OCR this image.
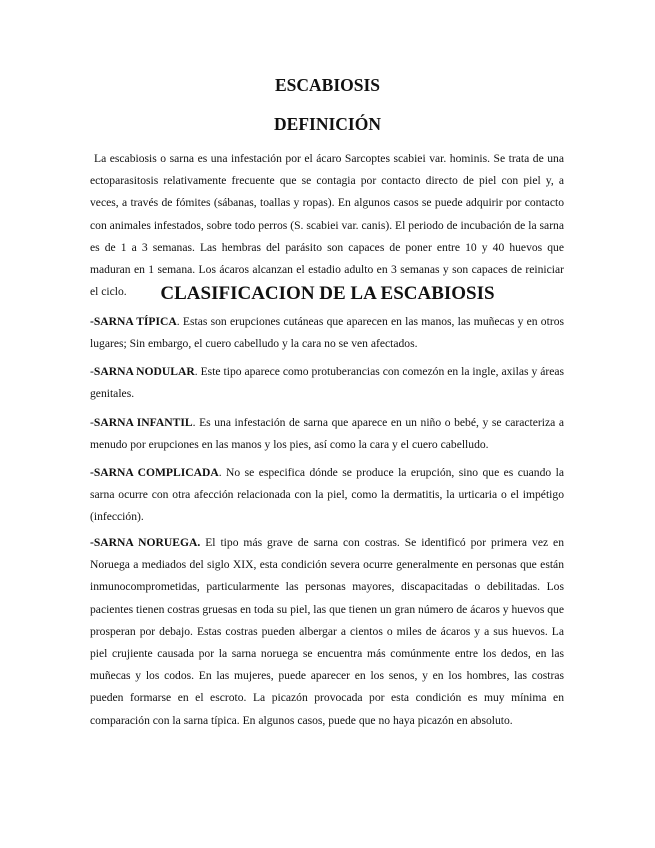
ESCABIOSIS
DEFINICIÓN

La escabiosis o sarna es una infestación por el ácaro Sarcoptes scabiei var. hominis. Se trata de una ectoparasitosis relativamente frecuente que se contagia por contacto directo de piel con piel y, a veces, a través de fómites (sábanas, toallas y ropas). En algunos casos se puede adquirir por contacto con animales infestados, sobre todo perros (S. scabiei var. canis). El periodo de incubación de la sarna es de 1 a 3 semanas. Las hembras del parásito son capaces de poner entre 10 y 40 huevos que maduran en 1 semana. Los ácaros alcanzan el estadio adulto en 3 semanas y son capaces de reiniciar el ciclo.	CLASIFICACION DE LA ESCABIOSIS

-SARNA TÍPICA. Estas son erupciones cutáneas que aparecen en las manos, las muñecas y en otros lugares; Sin embargo, el cuero cabelludo y la cara no se ven afectados.

-SARNA NODULAR. Este tipo aparece como protuberancias con comezón en la ingle, axilas y áreas genitales.

-SARNA INFANTIL. Es una infestación de sarna que aparece en un niño o bebé, y se caracteriza a menudo por erupciones en las manos y los pies, así como la cara y el cuero cabelludo.

-SARNA COMPLICADA. No se especifica dónde se produce la erupción, sino que es cuando la sarna ocurre con otra afección relacionada con la piel, como la dermatitis, la urticaria o el impétigo (infección).

-SARNA NORUEGA. El tipo más grave de sarna con costras. Se identificó por primera vez en Noruega a mediados del siglo XIX, esta condición severa ocurre generalmente en personas que están inmunocomprometidas, particularmente las personas mayores, discapacitadas o debilitadas. Los pacientes tienen costras gruesas en toda su piel, las que tienen un gran número de ácaros y huevos que prosperan por debajo. Estas costras pueden albergar a cientos o miles de ácaros y a sus huevos. La piel crujiente causada por la sarna noruega se encuentra más comúnmente entre los dedos, en las muñecas y los codos. En las mujeres, puede aparecer en los senos, y en los hombres, las costras pueden formarse en el escroto. La picazón provocada por esta condición es muy mínima en comparación con la sarna típica. En algunos casos, puede que no haya picazón en absoluto.
